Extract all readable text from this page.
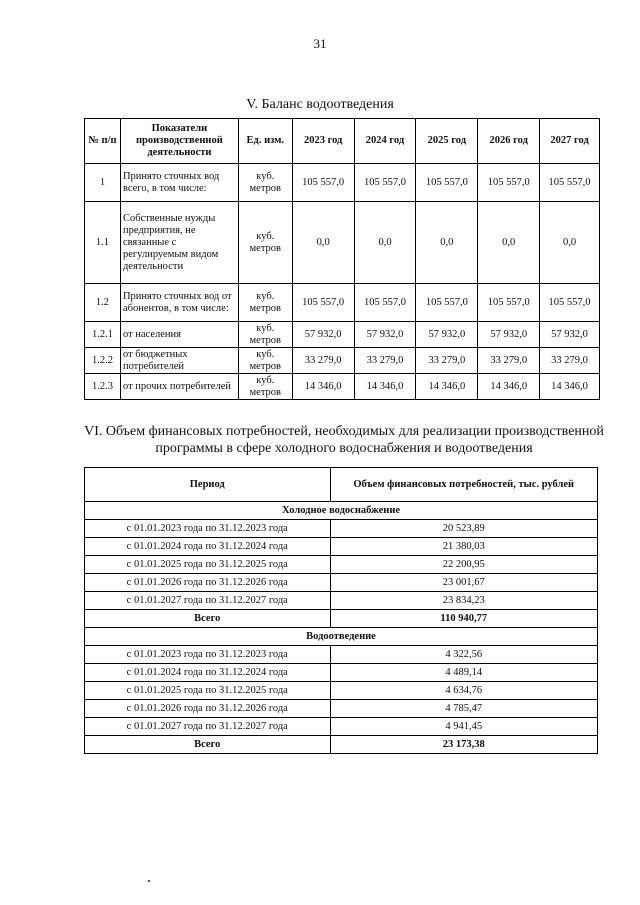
31
V. Баланс водоотведения
№ п/п	Показатели производственной деятельности	Ед. изм.	2023 год	2024 год	2025 год	2026 год	2027 год
1	Принято сточных вод всего, в том числе:	куб. метров	105 557,0	105 557,0	105 557,0	105 557,0	105 557,0
1.1	Собственные нужды предприятия, не связанные с регулируемым видом деятельности	куб. метров	0,0	0,0	0,0	0,0	0,0
1.2	Принято сточных вод от абонентов, в том числе:	куб. метров	105 557,0	105 557,0	105 557,0	105 557,0	105 557,0
1.2.1	от населения	куб. метров	57 932,0	57 932,0	57 932,0	57 932,0	57 932,0
1.2.2	от бюджетных потребителей	куб. метров	33 279,0	33 279,0	33 279,0	33 279,0	33 279,0
1.2.3	от прочих потребителей	куб. метров	14 346,0	14 346,0	14 346,0	14 346,0	14 346,0
VI. Объем финансовых потребностей, необходимых для реализации производственной программы в сфере холодного водоснабжения и водоотведения
Период	Объем финансовых потребностей, тыс. рублей
Холодное водоснабжение	
с 01.01.2023 года по 31.12.2023 года	20 523,89
с 01.01.2024 года по 31.12.2024 года	21 380,03
с 01.01.2025 года по 31.12.2025 года	22 200,95
с 01.01.2026 года по 31.12.2026 года	23 001,67
с 01.01.2027 года по 31.12.2027 года	23 834,23
Всего	110 940,77
Водоотведение	
с 01.01.2023 года по 31.12.2023 года	4 322,56
с 01.01.2024 года по 31.12.2024 года	4 489,14
с 01.01.2025 года по 31.12.2025 года	4 634,76
с 01.01.2026 года по 31.12.2026 года	4 785,47
с 01.01.2027 года по 31.12.2027 года	4 941,45
Всего	23 173,38
